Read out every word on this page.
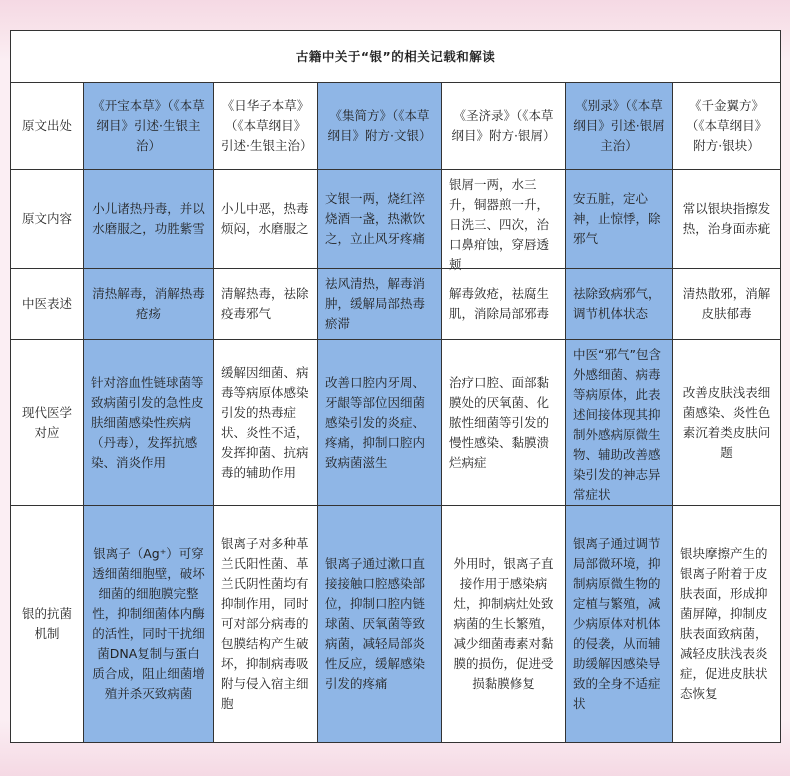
古籍中关于“银”的相关记载和解读						
原文出处	《开宝本草》（《本草纲目》引述·生银主治）	《日华子本草》（《本草纲目》引述·生银主治）	《集简方》（《本草纲目》附方·文银）	《圣济录》（《本草纲目》附方·银屑）	《别录》（《本草纲目》引述·银屑主治）	《千金翼方》（《本草纲目》附方·银块）
原文内容	小儿诸热丹毒，并以水磨服之，功胜紫雪	小儿中恶，热毒烦闷，水磨服之	文银一两，烧红淬烧酒一盏，热漱饮之，立止风牙疼痛	银屑一两，水三升，铜器煎一升，日洗三、四次，治口鼻疳蚀，穿唇透颊	安五脏，定心神，止惊悸，除邪气	常以银块指擦发热，治身面赤疵
中医表述	清热解毒，消解热毒疮疡	清解热毒，祛除疫毒邪气	祛风清热，解毒消肿，缓解局部热毒瘀滞	解毒敛疮，祛腐生肌，消除局部邪毒	祛除致病邪气，调节机体状态	清热散邪，消解皮肤郁毒
现代医学对应	针对溶血性链球菌等致病菌引发的急性皮肤细菌感染性疾病（丹毒），发挥抗感染、消炎作用	缓解因细菌、病毒等病原体感染引发的热毒症状、炎性不适，发挥抑菌、抗病毒的辅助作用	改善口腔内牙周、牙龈等部位因细菌感染引发的炎症、疼痛，抑制口腔内致病菌滋生	治疗口腔、面部黏膜处的厌氧菌、化脓性细菌等引发的慢性感染、黏膜溃烂病症	中医“邪气”包含外感细菌、病毒等病原体，此表述间接体现其抑制外感病原微生物、辅助改善感染引发的神志异常症状	改善皮肤浅表细菌感染、炎性色素沉着类皮肤问题
银的抗菌机制	银离子（Ag⁺）可穿透细菌细胞壁，破坏细菌的细胞膜完整性，抑制细菌体内酶的活性，同时干扰细菌DNA复制与蛋白质合成，阻止细菌增殖并杀灭致病菌	银离子对多种革兰氏阳性菌、革兰氏阴性菌均有抑制作用，同时可对部分病毒的包膜结构产生破坏，抑制病毒吸附与侵入宿主细胞	银离子通过漱口直接接触口腔感染部位，抑制口腔内链球菌、厌氧菌等致病菌，减轻局部炎性反应，缓解感染引发的疼痛	外用时，银离子直接作用于感染病灶，抑制病灶处致病菌的生长繁殖，减少细菌毒素对黏膜的损伤，促进受损黏膜修复	银离子通过调节局部微环境，抑制病原微生物的定植与繁殖，减少病原体对机体的侵袭，从而辅助缓解因感染导致的全身不适症状	银块摩擦产生的银离子附着于皮肤表面，形成抑菌屏障，抑制皮肤表面致病菌，减轻皮肤浅表炎症，促进皮肤状态恢复
